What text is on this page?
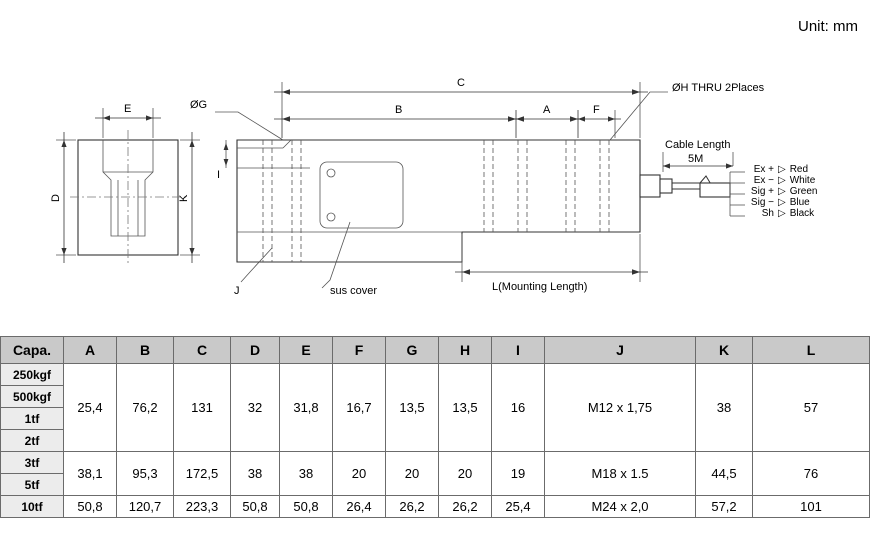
Unit: mm
E
D	K
C
B	A	F
I
ØG
ØH THRU 2Places
J	sus cover	L(Mounting Length)
Cable Length
5M
Ex + ▷ Red
Ex − ▷ White
Sig + ▷ Green
Sig − ▷ Blue
Sh ▷ Black
Capa.	A	B	C	D	E	F	G	H	I	J	K	L
250kgf	25,4	76,2	131	32	31,8	16,7	13,5	13,5	16	M12 x 1,75	38	57
500kgf												
1tf												
2tf												
3tf	38,1	95,3	172,5	38	38	20	20	20	19	M18 x 1.5	44,5	76
5tf												
10tf	50,8	120,7	223,3	50,8	50,8	26,4	26,2	26,2	25,4	M24 x 2,0	57,2	101
